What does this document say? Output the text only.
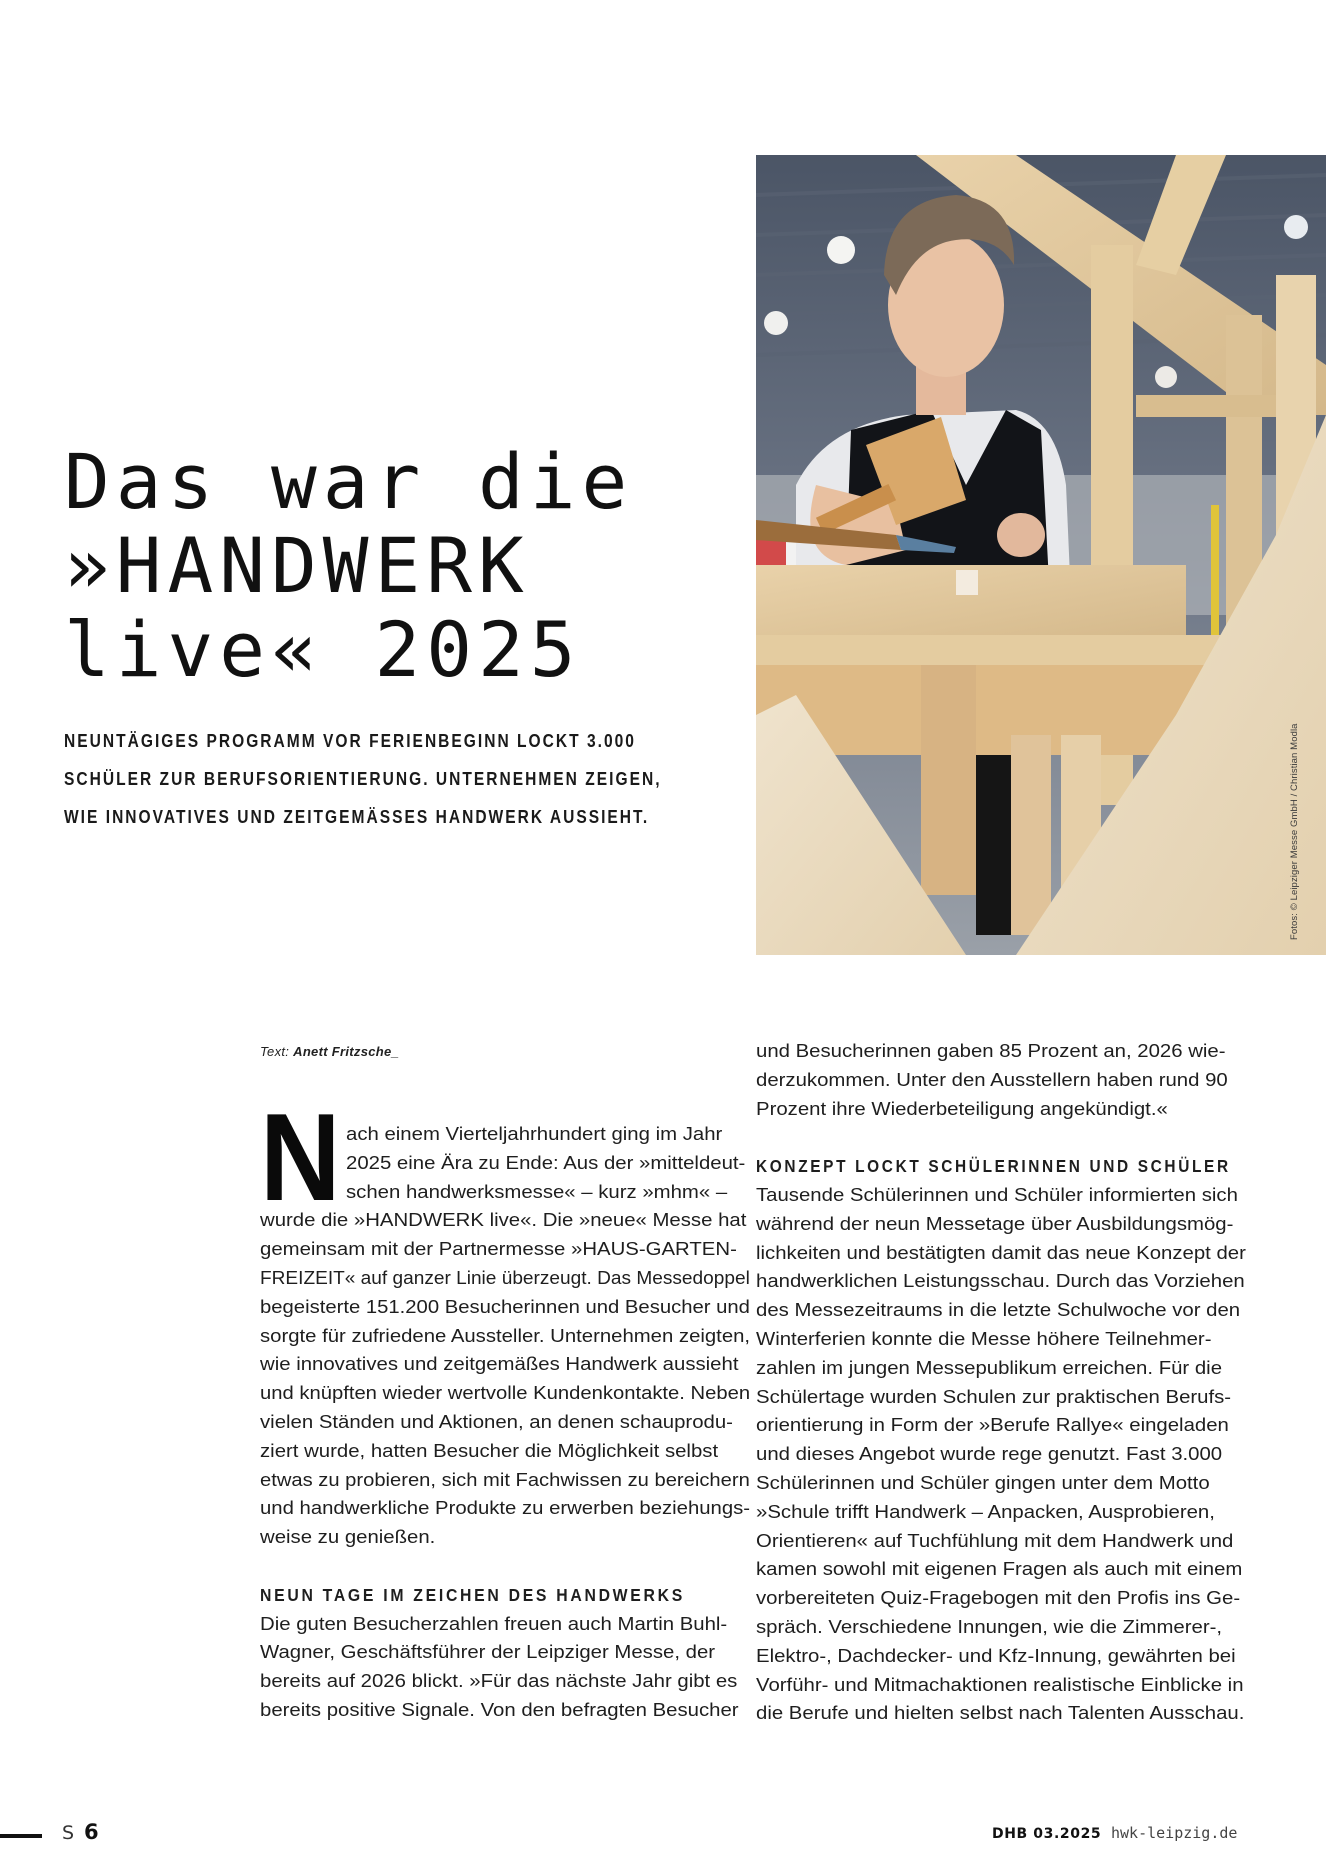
Fotos: © Leipziger Messe GmbH / Christian Modla
Das war die
»HANDWERK
live« 2025
NEUNTÄGIGES PROGRAMM VOR FERIENBEGINN LOCKT 3.000
SCHÜLER ZUR BERUFSORIENTIERUNG. UNTERNEHMEN ZEIGEN,
WIE INNOVATIVES UND ZEITGEMÄSSES HANDWERK AUSSIEHT.
Text: Anett Fritzsche_
N ach einem Vierteljahrhundert ging im Jahr
2025 eine Ära zu Ende: Aus der »mitteldeut-
schen handwerksmesse« – kurz »mhm« –
wurde die »HANDWERK live«. Die »neue« Messe hat
gemeinsam mit der Partnermesse »HAUS-GARTEN-
FREIZEIT« auf ganzer Linie überzeugt. Das Messedoppel
begeisterte 151.200 Besucherinnen und Besucher und
sorgte für zufriedene Aussteller. Unternehmen zeigten,
wie innovatives und zeitgemäßes Handwerk aussieht
und knüpften wieder wertvolle Kundenkontakte. Neben
vielen Ständen und Aktionen, an denen schauprodu-
ziert wurde, hatten Besucher die Möglichkeit selbst
etwas zu probieren, sich mit Fachwissen zu bereichern
und handwerkliche Produkte zu erwerben beziehungs-
weise zu genießen.
NEUN TAGE IM ZEICHEN DES HANDWERKS
Die guten Besucherzahlen freuen auch Martin Buhl-
Wagner, Geschäftsführer der Leipziger Messe, der
bereits auf 2026 blickt. »Für das nächste Jahr gibt es
bereits positive Signale. Von den befragten Besucher
und Besucherinnen gaben 85 Prozent an, 2026 wie-
derzukommen. Unter den Ausstellern haben rund 90
Prozent ihre Wiederbeteiligung angekündigt.«
KONZEPT LOCKT SCHÜLERINNEN UND SCHÜLER
Tausende Schülerinnen und Schüler informierten sich
während der neun Messetage über Ausbildungsmög-
lichkeiten und bestätigten damit das neue Konzept der
handwerklichen Leistungsschau. Durch das Vorziehen
des Messezeitraums in die letzte Schulwoche vor den
Winterferien konnte die Messe höhere Teilnehmer-
zahlen im jungen Messepublikum erreichen. Für die
Schülertage wurden Schulen zur praktischen Berufs-
orientierung in Form der »Berufe Rallye« eingeladen
und dieses Angebot wurde rege genutzt. Fast 3.000
Schülerinnen und Schüler gingen unter dem Motto
»Schule trifft Handwerk – Anpacken, Ausprobieren,
Orientieren« auf Tuchfühlung mit dem Handwerk und
kamen sowohl mit eigenen Fragen als auch mit einem
vorbereiteten Quiz-Fragebogen mit den Profis ins Ge-
spräch. Verschiedene Innungen, wie die Zimmerer-,
Elektro-, Dachdecker- und Kfz-Innung, gewährten bei
Vorführ- und Mitmachaktionen realistische Einblicke in
die Berufe und hielten selbst nach Talenten Ausschau.
S 6	DHB 03.2025 hwk-leipzig.de
